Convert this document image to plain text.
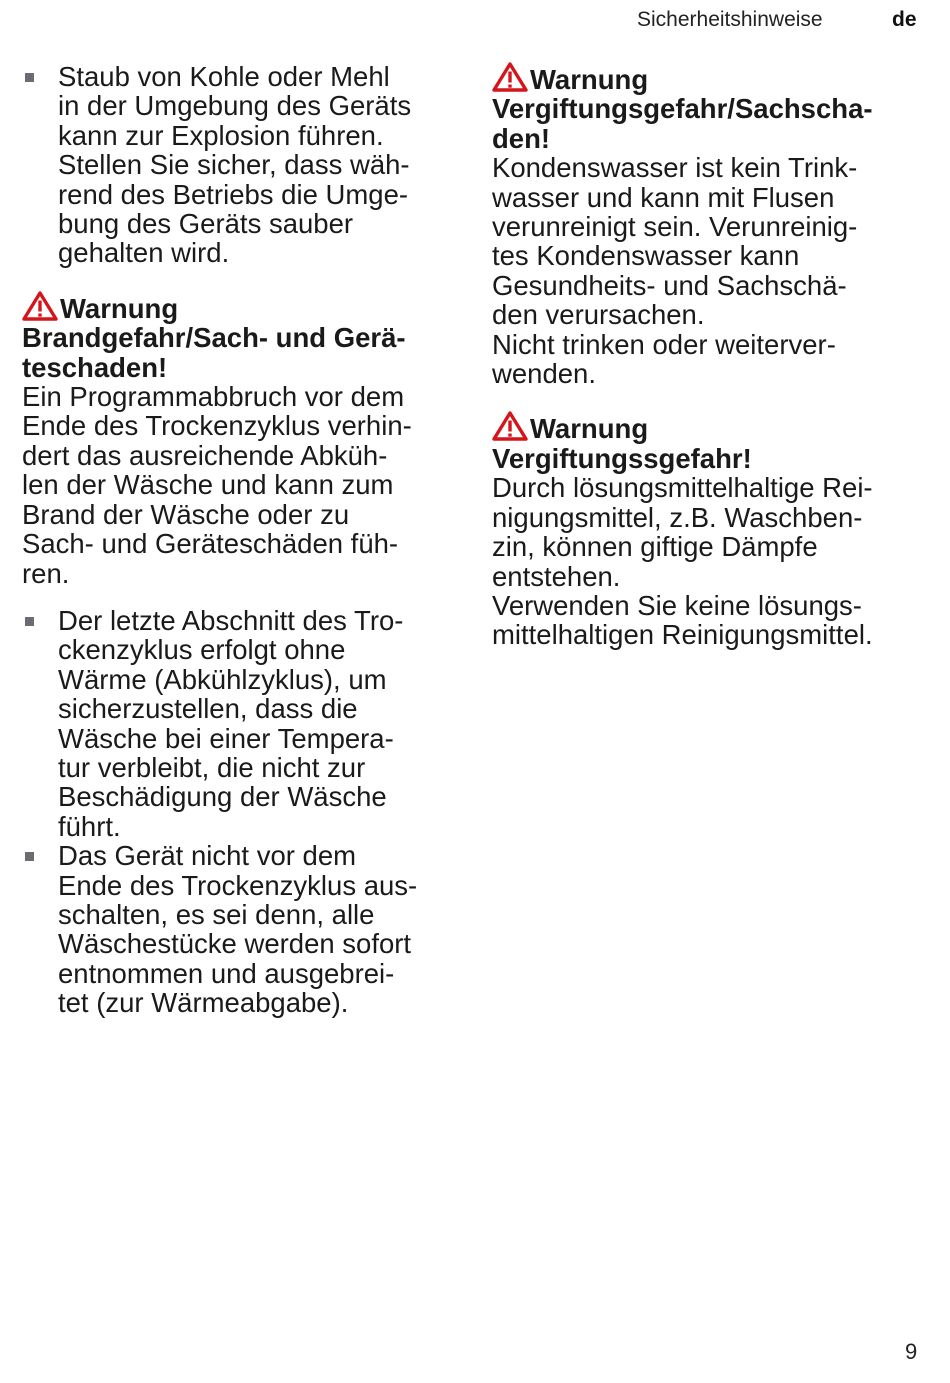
Sicherheitshinweise	de

Staub von Kohle oder Mehl
in der Umgebung des Geräts
kann zur Explosion führen.
Stellen Sie sicher, dass wäh-
rend des Betriebs die Umge-
bung des Geräts sauber
gehalten wird.

Warnung
Brandgefahr/Sach- und Gerä-
teschaden!

Ein Programmabbruch vor dem
Ende des Trockenzyklus verhin-
dert das ausreichende Abküh-
len der Wäsche und kann zum
Brand der Wäsche oder zu
Sach- und Geräteschäden füh-
ren.

Der letzte Abschnitt des Tro-
ckenzyklus erfolgt ohne
Wärme (Abkühlzyklus), um
sicherzustellen, dass die
Wäsche bei einer Tempera-
tur verbleibt, die nicht zur
Beschädigung der Wäsche
führt.

Das Gerät nicht vor dem
Ende des Trockenzyklus aus-
schalten, es sei denn, alle
Wäschestücke werden sofort
entnommen und ausgebrei-
tet (zur Wärmeabgabe).

Warnung
Vergiftungsgefahr/Sachscha-
den!

Kondenswasser ist kein Trink-
wasser und kann mit Flusen
verunreinigt sein. Verunreinig-
tes Kondenswasser kann
Gesundheits- und Sachschä-
den verursachen.
Nicht trinken oder weiterver-
wenden.

Warnung
Vergiftungssgefahr!

Durch lösungsmittelhaltige Rei-
nigungsmittel, z.B. Waschben-
zin, können giftige Dämpfe
entstehen.
Verwenden Sie keine lösungs-
mittelhaltigen Reinigungsmittel.

9
